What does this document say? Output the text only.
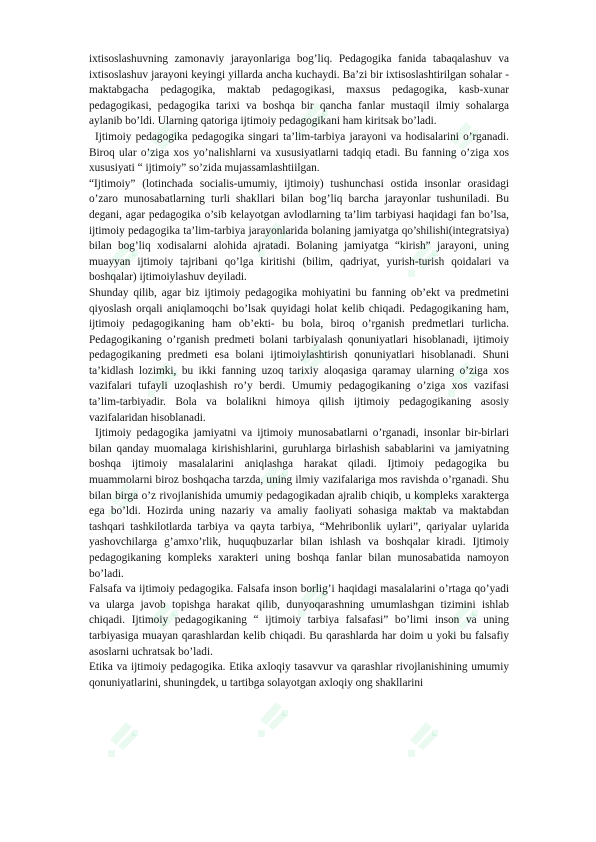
ixtisoslashuvning zamonaviy jarayonlariga bog’liq. Pedagogika fanida tabaqalashuv va ixtisoslashuv jarayoni keyingi yillarda ancha kuchaydi. Ba’zi bir ixtisoslashtirilgan sohalar - maktabgacha pedagogika, maktab pedagogikasi, maxsus pedagogika, kasb-xunar pedagogikasi, pedagogika tarixi va boshqa bir qancha fanlar mustaqil ilmiy sohalarga aylanib bo’ldi. Ularning qatoriga ijtimoiy pedagogikani ham kiritsak bo’ladi.

Ijtimoiy pedagogika pedagogika singari ta’lim-tarbiya jarayoni va hodisalarini o’rganadi. Biroq ular o’ziga xos yo’nalishlarni va xususiyatlarni tadqiq etadi. Bu fanning o’ziga xos xususiyati “ ijtimoiy” so’zida mujassamlashtiilgan.

“Ijtimoiy” (lotinchada socialis-umumiy, ijtimoiy) tushunchasi ostida insonlar orasidagi o’zaro munosabatlarning turli shakllari bilan bog’liq barcha jarayonlar tushuniladi. Bu degani, agar pedagogika o’sib kelayotgan avlodlarning ta’lim tarbiyasi haqidagi fan bo’lsa, ijtimoiy pedagogika ta’lim-tarbiya jarayonlarida bolaning jamiyatga qo’shilishi(integratsiya) bilan bog’liq xodisalarni alohida ajratadi. Bolaning jamiyatga “kirish” jarayoni, uning muayyan ijtimoiy tajribani qo’lga kiritishi (bilim, qadriyat, yurish-turish qoidalari va boshqalar) ijtimoiylashuv deyiladi.

Shunday qilib, agar biz ijtimoiy pedagogika mohiyatini bu fanning ob’ekt va predmetini qiyoslash orqali aniqlamoqchi bo’lsak quyidagi holat kelib chiqadi. Pedagogikaning ham, ijtimoiy pedagogikaning ham ob’ekti- bu bola, biroq o’rganish predmetlari turlicha. Pedagogikaning o’rganish predmeti bolani tarbiyalash qonuniyatlari hisoblanadi, ijtimoiy pedagogikaning predmeti esa bolani ijtimoiylashtirish qonuniyatlari hisoblanadi. Shuni ta’kidlash lozimki, bu ikki fanning uzoq tarixiy aloqasiga qaramay ularning o’ziga xos vazifalari tufayli uzoqlashish ro’y berdi. Umumiy pedagogikaning o’ziga xos vazifasi ta’lim-tarbiyadir. Bola va bolalikni himoya qilish ijtimoiy pedagogikaning asosiy vazifalaridan hisoblanadi.

Ijtimoiy pedagogika jamiyatni va ijtimoiy munosabatlarni o’rganadi, insonlar bir-birlari bilan qanday muomalaga kirishishlarini, guruhlarga birlashish sabablarini va jamiyatning boshqa ijtimoiy masalalarini aniqlashga harakat qiladi. Ijtimoiy pedagogika bu muammolarni biroz boshqacha tarzda, uning ilmiy vazifalariga mos ravishda o’rganadi. Shu bilan birga o’z rivojlanishida umumiy pedagogikadan ajralib chiqib, u kompleks xarakterga ega bo’ldi. Hozirda uning nazariy va amaliy faoliyati sohasiga maktab va maktabdan tashqari tashkilotlarda tarbiya va qayta tarbiya, “Mehribonlik uylari”, qariyalar uylarida yashovchilarga g’amxo’rlik, huquqbuzarlar bilan ishlash va boshqalar kiradi. Ijtimoiy pedagogikaning kompleks xarakteri uning boshqa fanlar bilan munosabatida namoyon bo’ladi.

Falsafa va ijtimoiy pedagogika. Falsafa inson borlig’i haqidagi masalalarini o’rtaga qo’yadi va ularga javob topishga harakat qilib, dunyoqarashning umumlashgan tizimini ishlab chiqadi. Ijtimoiy pedagogikaning “ ijtimoiy tarbiya falsafasi” bo’limi inson va uning tarbiyasiga muayan qarashlardan kelib chiqadi. Bu qarashlarda har doim u yoki bu falsafiy asoslarni uchratsak bo’ladi.

Etika va ijtimoiy pedagogika. Etika axloqiy tasavvur va qarashlar rivojlanishining umumiy qonuniyatlarini, shuningdek, u tartibga solayotgan axloqiy ong shakllarini
